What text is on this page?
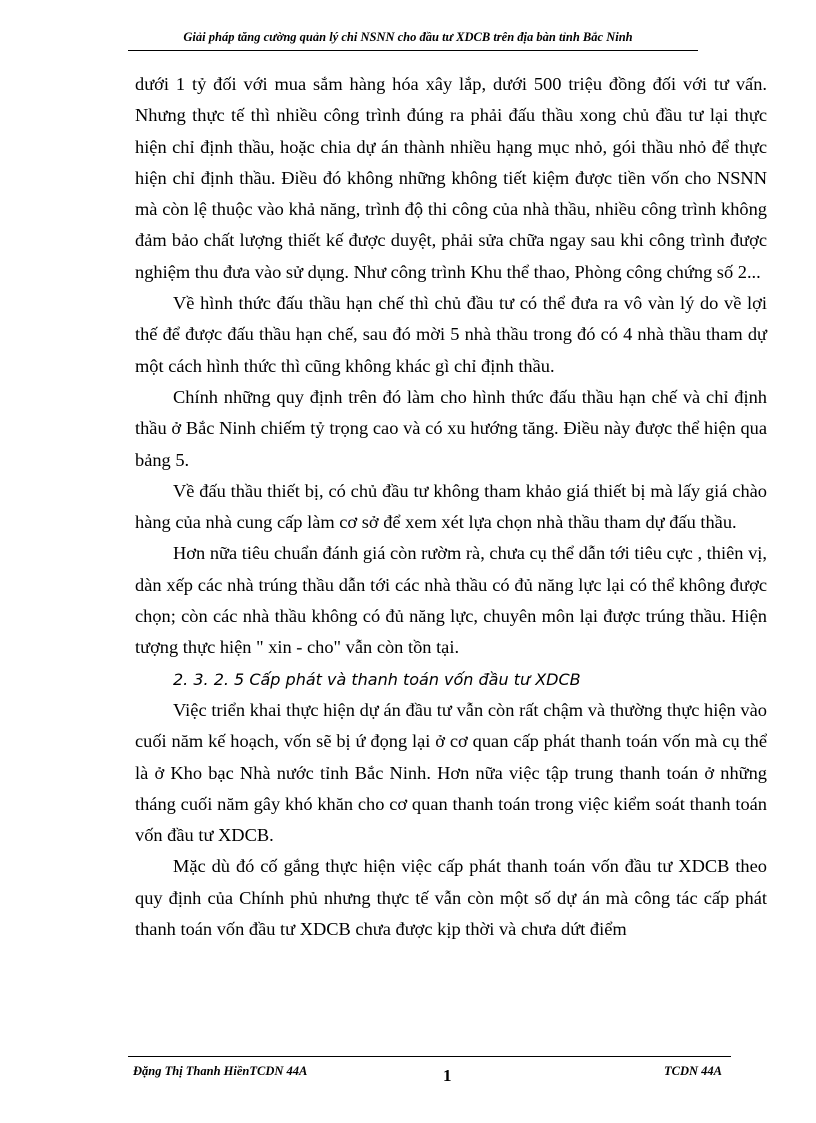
Giải pháp tăng cường quản lý chi NSNN cho đầu tư XDCB trên địa bàn tỉnh Bắc Ninh

dưới 1 tỷ đối với mua sắm hàng hóa xây lắp, dưới 500 triệu đồng đối với tư vấn. Nhưng thực tế thì nhiều công trình đúng ra phải đấu thầu xong chủ đầu tư lại thực hiện chỉ định thầu, hoặc chia dự án thành nhiều hạng mục nhỏ, gói thầu nhỏ để thực hiện chỉ định thầu. Điều đó không những không tiết kiệm được tiền vốn cho NSNN mà còn lệ thuộc vào khả năng, trình độ thi công của nhà thầu, nhiều công trình không đảm bảo chất lượng thiết kế được duyệt, phải sửa chữa ngay sau khi công trình được nghiệm thu đưa vào sử dụng. Như công trình Khu thể thao, Phòng công chứng số 2...

Về hình thức đấu thầu hạn chế thì chủ đầu tư có thể đưa ra vô vàn lý do về lợi thế để được đấu thầu hạn chế, sau đó mời 5 nhà thầu trong đó có 4 nhà thầu tham dự một cách hình thức thì cũng không khác gì chỉ định thầu.

Chính những quy định trên đó làm cho hình thức đấu thầu hạn chế và chỉ định thầu ở Bắc Ninh chiếm tỷ trọng cao và có xu hướng tăng. Điều này được thể hiện qua bảng 5.

Về đấu thầu thiết bị, có chủ đầu tư không tham khảo giá thiết bị mà lấy giá chào hàng của nhà cung cấp làm cơ sở để xem xét lựa chọn nhà thầu tham dự đấu thầu.

Hơn nữa tiêu chuẩn đánh giá còn rườm rà, chưa cụ thể dẫn tới tiêu cực , thiên vị, dàn xếp các nhà trúng thầu dẫn tới các nhà thầu có đủ năng lực lại có thể không được chọn; còn các nhà thầu không có đủ năng lực, chuyên môn lại được trúng thầu. Hiện tượng thực hiện " xin - cho" vẫn còn tồn tại.

2. 3. 2. 5 Cấp phát và thanh toán vốn đầu tư XDCB

Việc triển khai thực hiện dự án đầu tư vẫn còn rất chậm và thường thực hiện vào cuối năm kế hoạch, vốn sẽ bị ứ đọng lại ở cơ quan cấp phát thanh toán vốn mà cụ thể là ở Kho bạc Nhà nước tỉnh Bắc Ninh. Hơn nữa việc tập trung thanh toán ở những tháng cuối năm gây khó khăn cho cơ quan thanh toán trong việc kiểm soát thanh toán vốn đầu tư XDCB.

Mặc dù đó cố gắng thực hiện việc cấp phát thanh toán vốn đầu tư XDCB theo quy định của Chính phủ nhưng thực tế vẫn còn một số dự án mà công tác cấp phát thanh toán vốn đầu tư XDCB chưa được kịp thời và chưa dứt điểm

Đặng Thị Thanh HiềnTCDN 44A	1	TCDN 44A
